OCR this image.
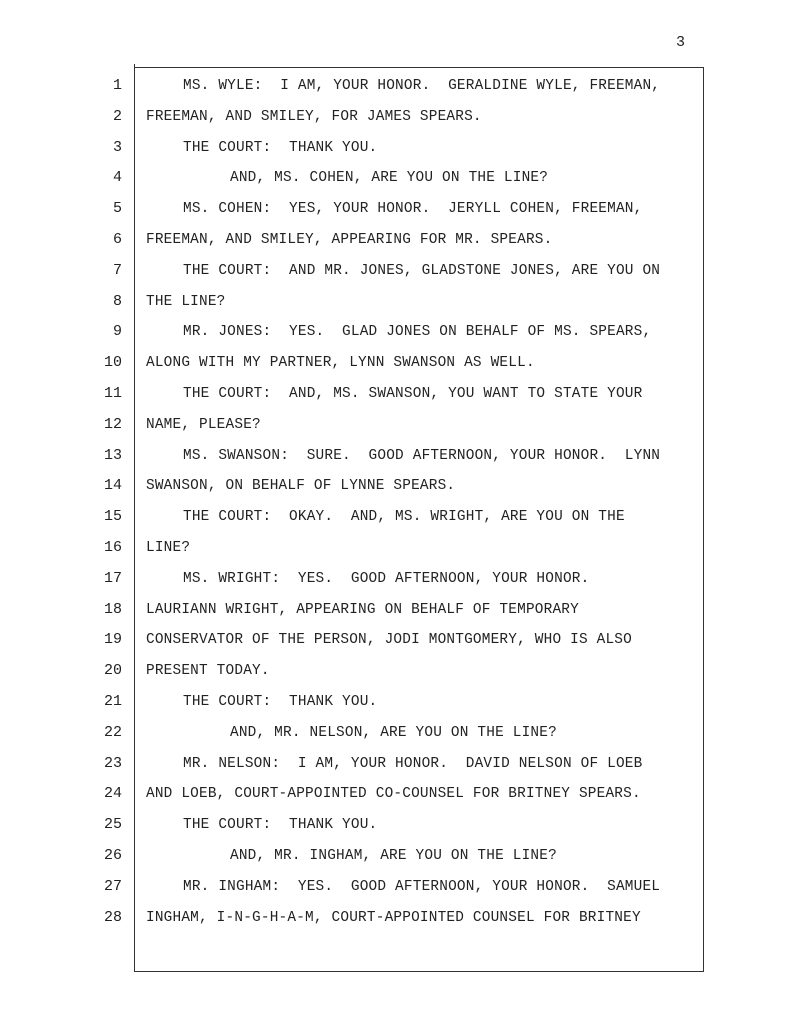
3
1
2
3
4
5
6
7
8
9
10
11
12
13
14
15
16
17
18
19
20
21
22
23
24
25
26
27
28
MS. WYLE:  I AM, YOUR HONOR.  GERALDINE WYLE, FREEMAN,
FREEMAN, AND SMILEY, FOR JAMES SPEARS.
THE COURT:  THANK YOU.
AND, MS. COHEN, ARE YOU ON THE LINE?
MS. COHEN:  YES, YOUR HONOR.  JERYLL COHEN, FREEMAN,
FREEMAN, AND SMILEY, APPEARING FOR MR. SPEARS.
THE COURT:  AND MR. JONES, GLADSTONE JONES, ARE YOU ON
THE LINE?
MR. JONES:  YES.  GLAD JONES ON BEHALF OF MS. SPEARS,
ALONG WITH MY PARTNER, LYNN SWANSON AS WELL.
THE COURT:  AND, MS. SWANSON, YOU WANT TO STATE YOUR
NAME, PLEASE?
MS. SWANSON:  SURE.  GOOD AFTERNOON, YOUR HONOR.  LYNN
SWANSON, ON BEHALF OF LYNNE SPEARS.
THE COURT:  OKAY.  AND, MS. WRIGHT, ARE YOU ON THE
LINE?
MS. WRIGHT:  YES.  GOOD AFTERNOON, YOUR HONOR.
LAURIANN WRIGHT, APPEARING ON BEHALF OF TEMPORARY
CONSERVATOR OF THE PERSON, JODI MONTGOMERY, WHO IS ALSO
PRESENT TODAY.
THE COURT:  THANK YOU.
AND, MR. NELSON, ARE YOU ON THE LINE?
MR. NELSON:  I AM, YOUR HONOR.  DAVID NELSON OF LOEB
AND LOEB, COURT-APPOINTED CO-COUNSEL FOR BRITNEY SPEARS.
THE COURT:  THANK YOU.
AND, MR. INGHAM, ARE YOU ON THE LINE?
MR. INGHAM:  YES.  GOOD AFTERNOON, YOUR HONOR.  SAMUEL
INGHAM, I-N-G-H-A-M, COURT-APPOINTED COUNSEL FOR BRITNEY
